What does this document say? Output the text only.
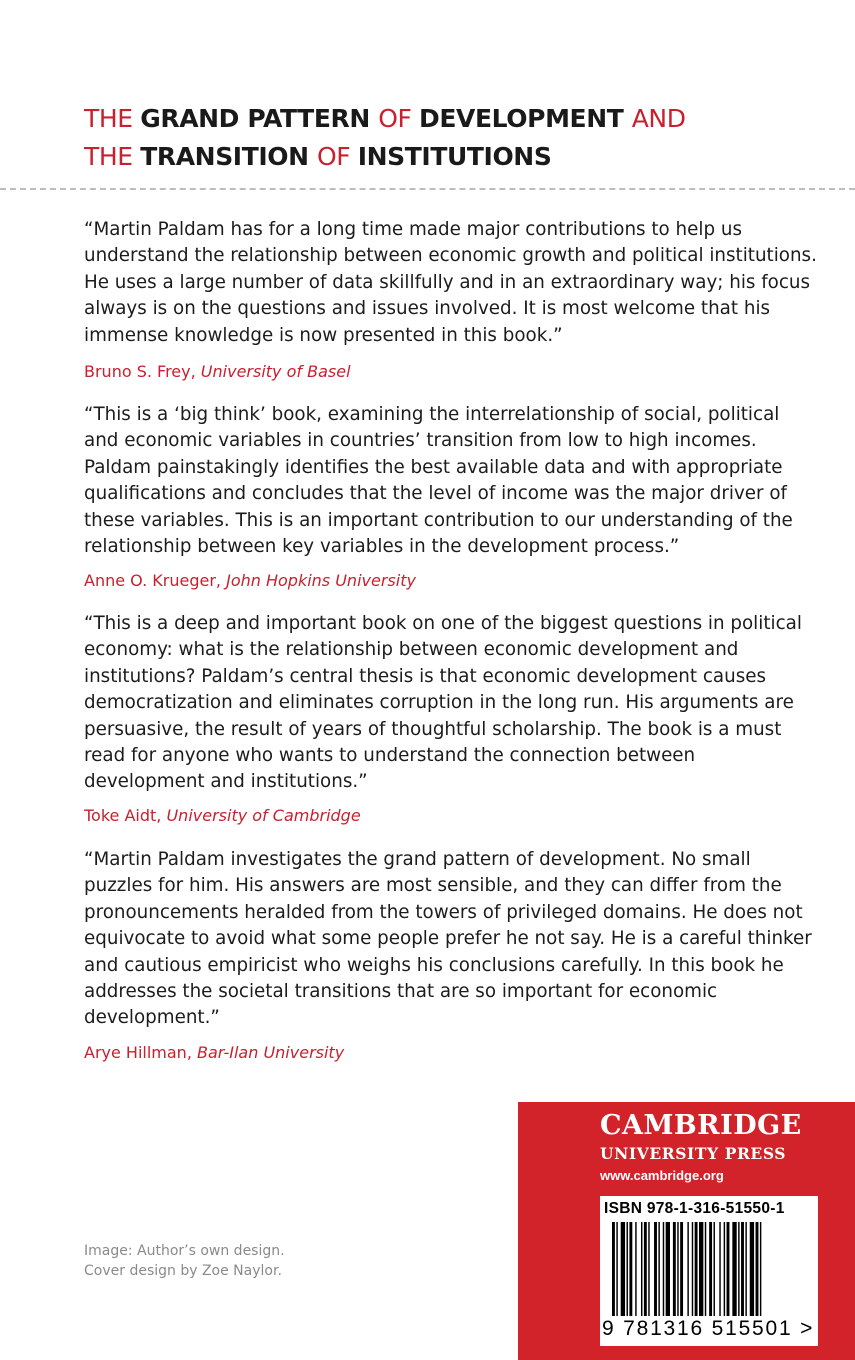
THE GRAND PATTERN OF DEVELOPMENT AND
THE TRANSITION OF INSTITUTIONS

“Martin Paldam has for a long time made major contributions to help us understand the relationship between economic growth and political institutions. He uses a large number of data skillfully and in an extraordinary way; his focus always is on the questions and issues involved. It is most welcome that his immense knowledge is now presented in this book.”

Bruno S. Frey, University of Basel

“This is a ‘big think’ book, examining the interrelationship of social, political and economic variables in countries’ transition from low to high incomes. Paldam painstakingly identifies the best available data and with appropriate qualifications and concludes that the level of income was the major driver of these variables. This is an important contribution to our understanding of the relationship between key variables in the development process.”

Anne O. Krueger, John Hopkins University

“This is a deep and important book on one of the biggest questions in political economy: what is the relationship between economic development and institutions? Paldam’s central thesis is that economic development causes democratization and eliminates corruption in the long run. His arguments are persuasive, the result of years of thoughtful scholarship. The book is a must read for anyone who wants to understand the connection between development and institutions.”

Toke Aidt, University of Cambridge

“Martin Paldam investigates the grand pattern of development. No small puzzles for him. His answers are most sensible, and they can differ from the pronouncements heralded from the towers of privileged domains. He does not equivocate to avoid what some people prefer he not say. He is a careful thinker and cautious empiricist who weighs his conclusions carefully. In this book he addresses the societal transitions that are so important for economic development.”

Arye Hillman, Bar-Ilan University

Image: Author’s own design.
Cover design by Zoe Naylor.
CAMBRIDGE
UNIVERSITY PRESS
www.cambridge.org
ISBN 978-1-316-51550-1
9 781316 515501 >
